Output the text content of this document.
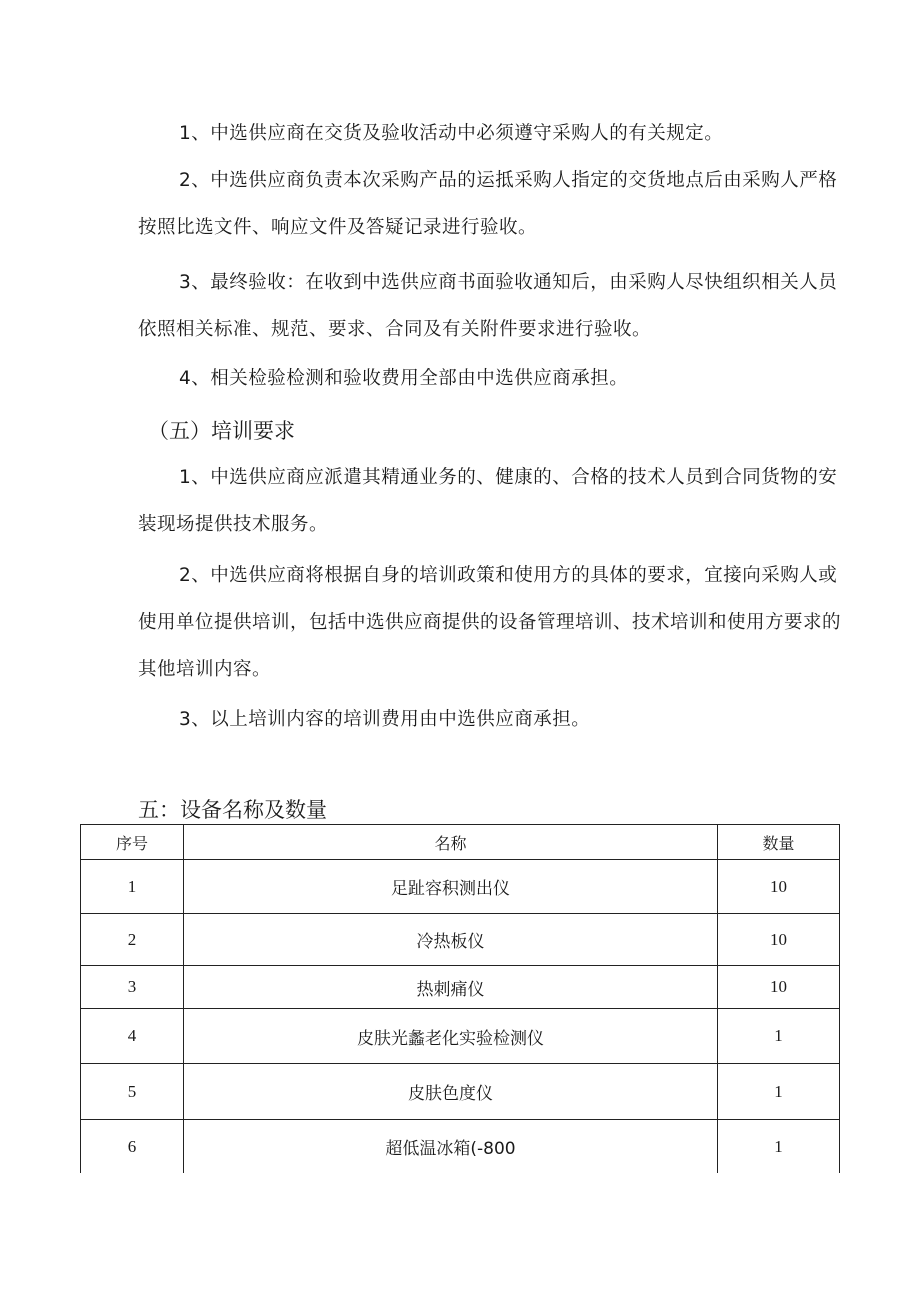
1、中选供应商在交货及验收活动中必须遵守采购人的有关规定。

2、中选供应商负责本次采购产品的运抵采购人指定的交货地点后由采购人严格按照比选文件、响应文件及答疑记录进行验收。

3、最终验收：在收到中选供应商书面验收通知后，由采购人尽快组织相关人员依照相关标准、规范、要求、合同及有关附件要求进行验收。

4、相关检验检测和验收费用全部由中选供应商承担。

（五）培训要求

1、中选供应商应派遣其精通业务的、健康的、合格的技术人员到合同货物的安装现场提供技术服务。

2、中选供应商将根据自身的培训政策和使用方的具体的要求，宜接向采购人或使用单位提供培训，包括中选供应商提供的设备管理培训、技术培训和使用方要求的其他培训内容。

3、以上培训内容的培训费用由中选供应商承担。

五：设备名称及数量
序号	名称	数量
1	足趾容积测出仪	10
2	冷热板仪	10
3	热刺痛仪	10
4	皮肤光蠡老化实验检测仪	1
5	皮肤色度仪	1
6	超低温冰箱(-800	1
